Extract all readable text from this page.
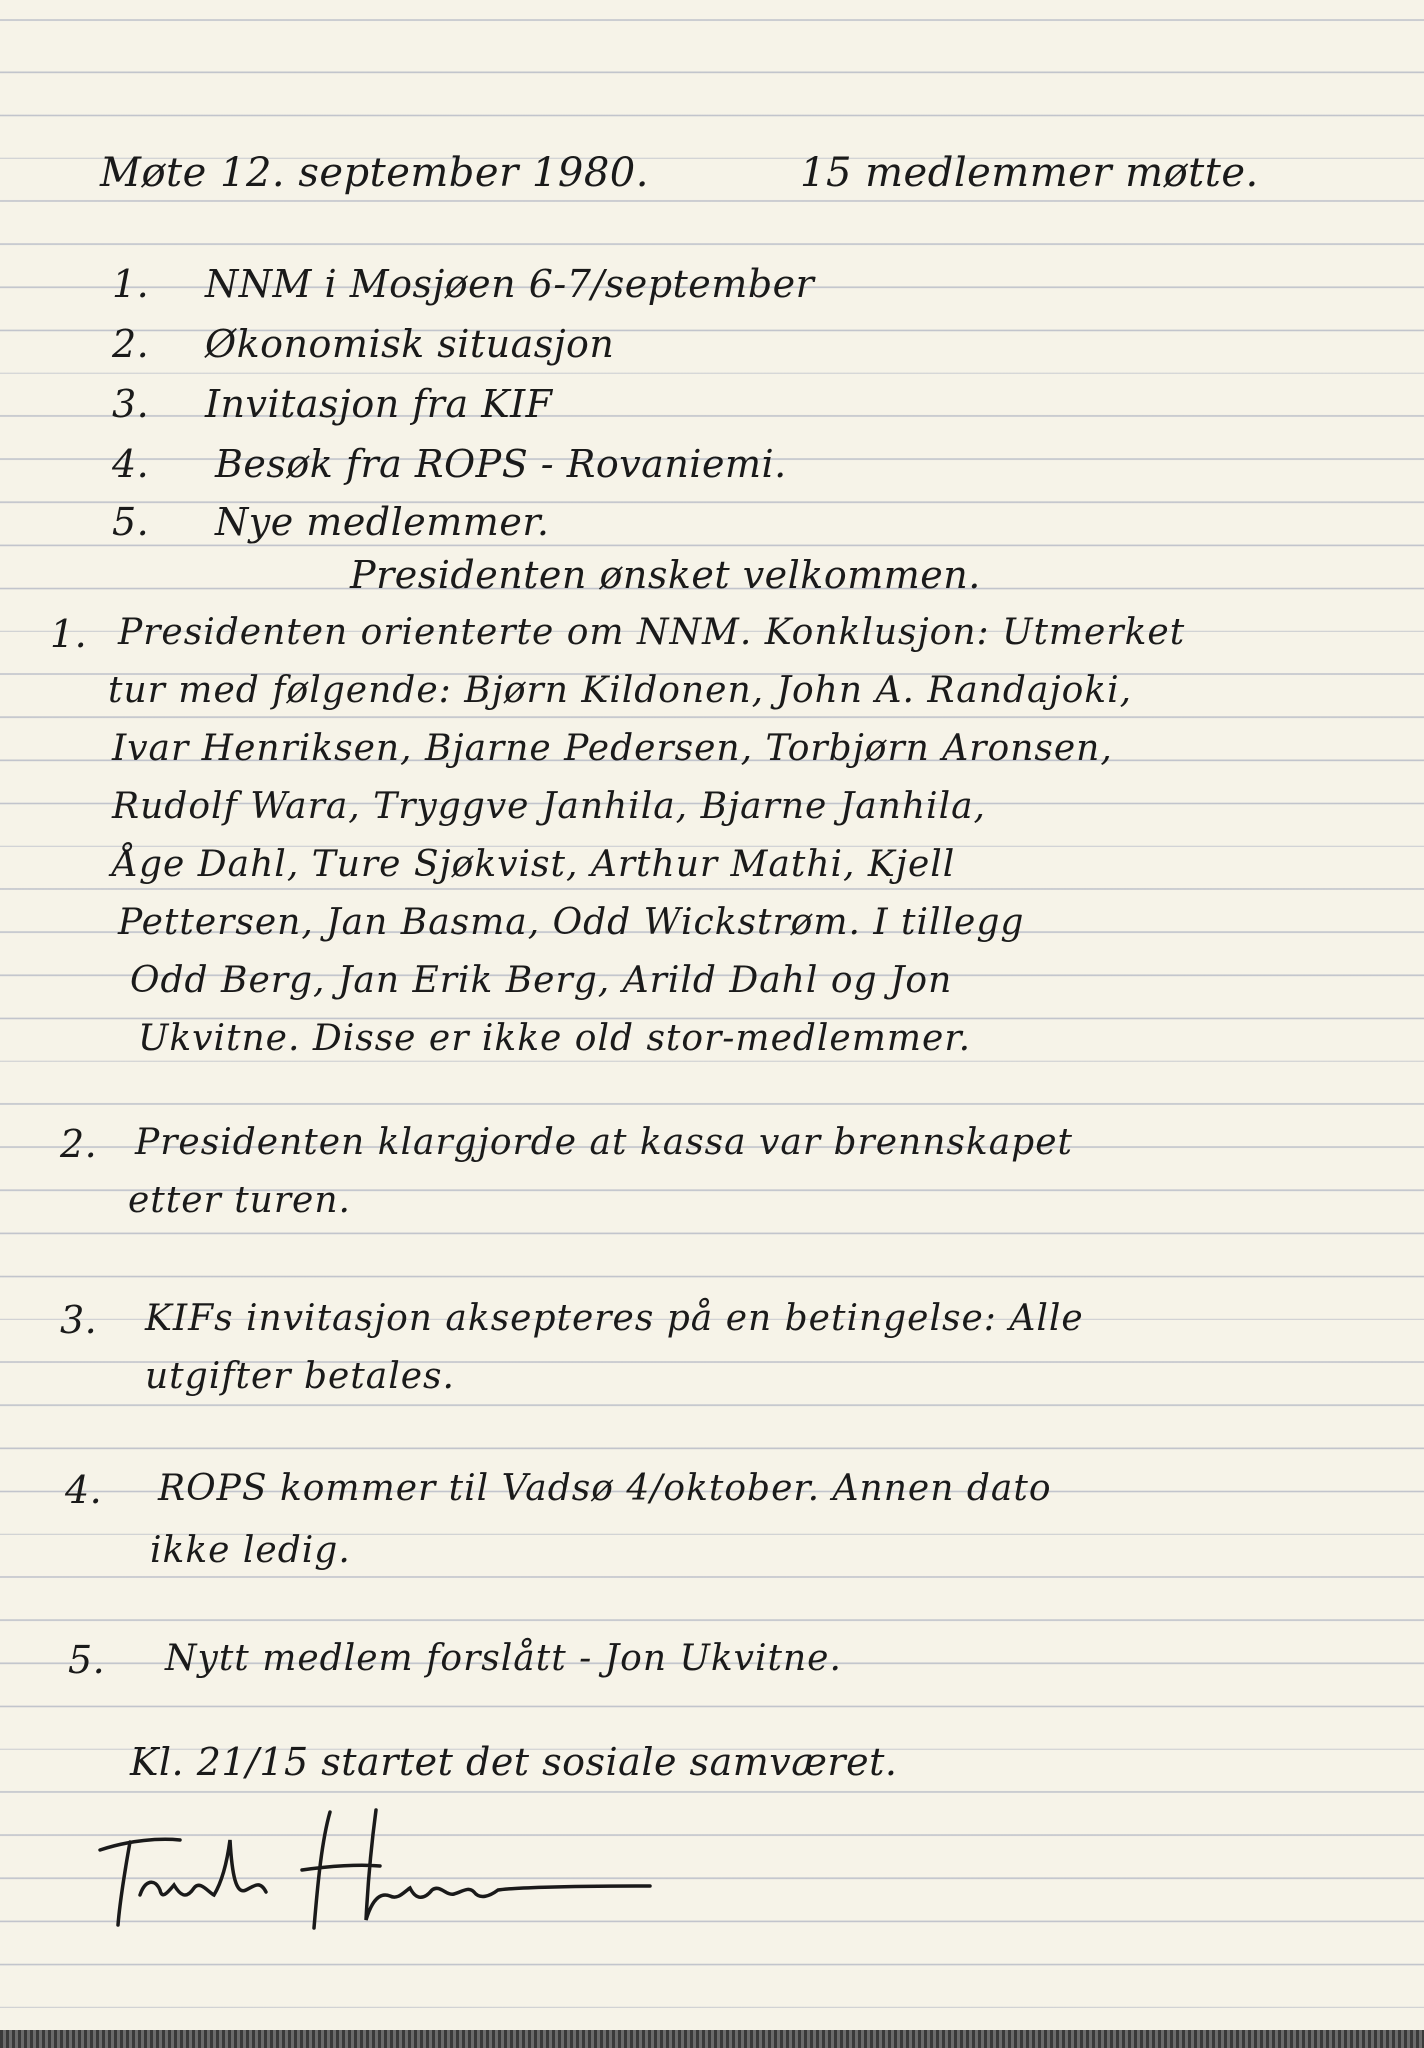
Møte 12. september 1980.	15 medlemmer møtte.
1. NNM i Mosjøen 6-7/september
2. Økonomisk situasjon
3. Invitasjon fra KIF
4. Besøk fra ROPS - Rovaniemi.
5. Nye medlemmer.
Presidenten ønsket velkommen.
1. Presidenten orienterte om NNM. Konklusjon: Utmerket
tur med følgende: Bjørn Kildonen, John A. Randajoki,
Ivar Henriksen, Bjarne Pedersen, Torbjørn Aronsen,
Rudolf Wara, Tryggve Janhila, Bjarne Janhila,
Åge Dahl, Ture Sjøkvist, Arthur Mathi, Kjell
Pettersen, Jan Basma, Odd Wickstrøm. I tillegg
Odd Berg, Jan Erik Berg, Arild Dahl og Jon
Ukvitne. Disse er ikke old stor-medlemmer.
2. Presidenten klargjorde at kassa var brennskapet
etter turen.
3. KIFs invitasjon aksepteres på en betingelse: Alle
utgifter betales.
4. ROPS kommer til Vadsø 4/oktober. Annen dato
ikke ledig.
5. Nytt medlem forslått - Jon Ukvitne.
Kl. 21/15 startet det sosiale samværet.
